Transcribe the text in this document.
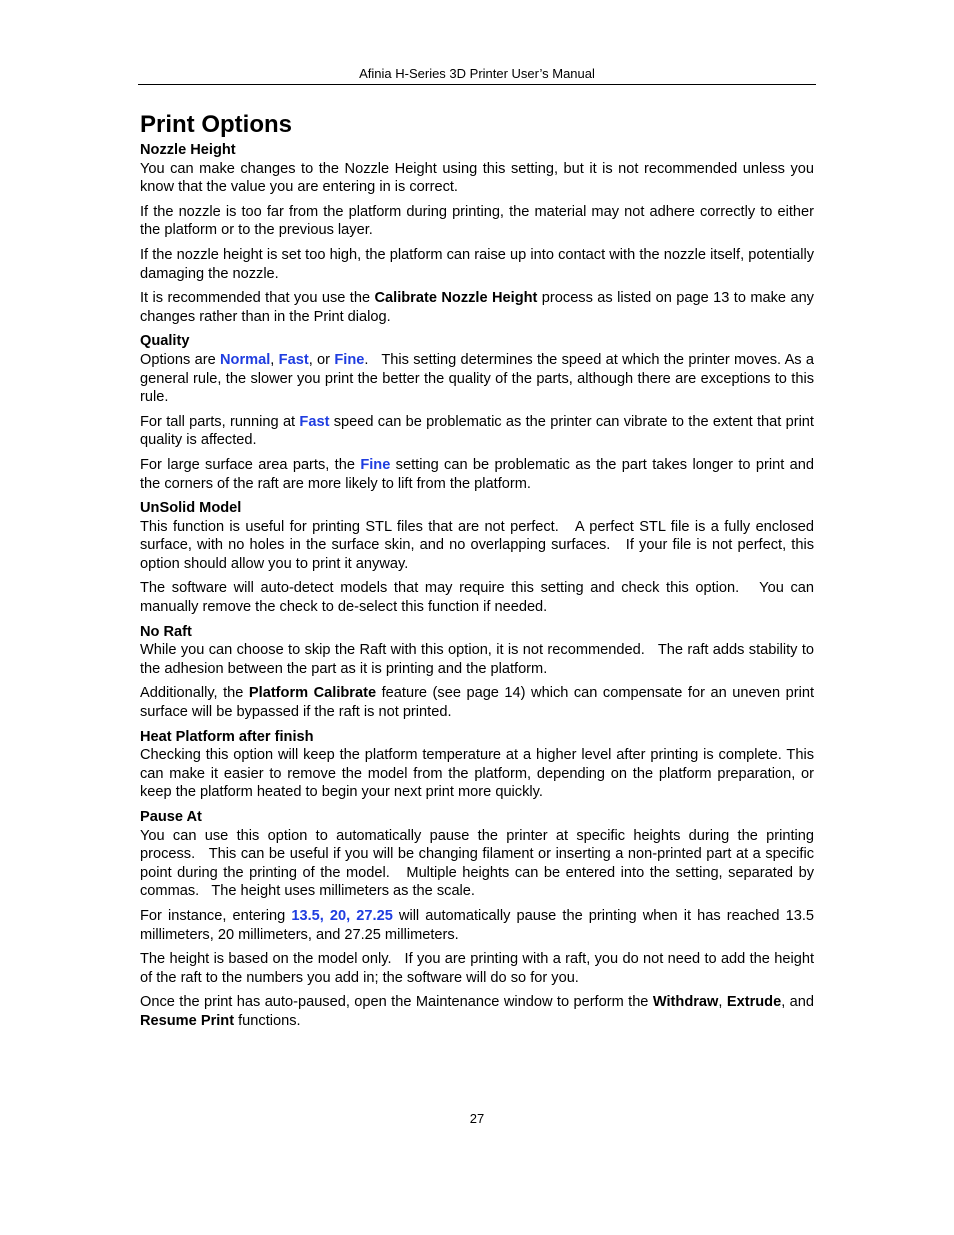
Afinia H-Series 3D Printer User’s Manual
Print Options
Nozzle Height

You can make changes to the Nozzle Height using this setting, but it is not recommended unless you know that the value you are entering in is correct.

If the nozzle is too far from the platform during printing, the material may not adhere correctly to either the platform or to the previous layer.

If the nozzle height is set too high, the platform can raise up into contact with the nozzle itself, potentially damaging the nozzle.

It is recommended that you use the Calibrate Nozzle Height process as listed on page 13 to make any changes rather than in the Print dialog.

Quality

Options are Normal, Fast, or Fine.   This setting determines the speed at which the printer moves. As a general rule, the slower you print the better the quality of the parts, although there are exceptions to this rule.

For tall parts, running at Fast speed can be problematic as the printer can vibrate to the extent that print quality is affected.

For large surface area parts, the Fine setting can be problematic as the part takes longer to print and the corners of the raft are more likely to lift from the platform.

UnSolid Model

This function is useful for printing STL files that are not perfect.   A perfect STL file is a fully enclosed surface, with no holes in the surface skin, and no overlapping surfaces.   If your file is not perfect, this option should allow you to print it anyway.

The software will auto-detect models that may require this setting and check this option.   You can manually remove the check to de-select this function if needed.

No Raft

While you can choose to skip the Raft with this option, it is not recommended.   The raft adds stability to the adhesion between the part as it is printing and the platform.

Additionally, the Platform Calibrate feature (see page 14) which can compensate for an uneven print surface will be bypassed if the raft is not printed.

Heat Platform after finish

Checking this option will keep the platform temperature at a higher level after printing is complete. This can make it easier to remove the model from the platform, depending on the platform preparation, or keep the platform heated to begin your next print more quickly.

Pause At

You can use this option to automatically pause the printer at specific heights during the printing process.   This can be useful if you will be changing filament or inserting a non-printed part at a specific point during the printing of the model.   Multiple heights can be entered into the setting, separated by commas.   The height uses millimeters as the scale.

For instance, entering 13.5, 20, 27.25 will automatically pause the printing when it has reached 13.5 millimeters, 20 millimeters, and 27.25 millimeters.

The height is based on the model only.   If you are printing with a raft, you do not need to add the height of the raft to the numbers you add in; the software will do so for you.

Once the print has auto-paused, open the Maintenance window to perform the Withdraw, Extrude, and Resume Print functions.

27
